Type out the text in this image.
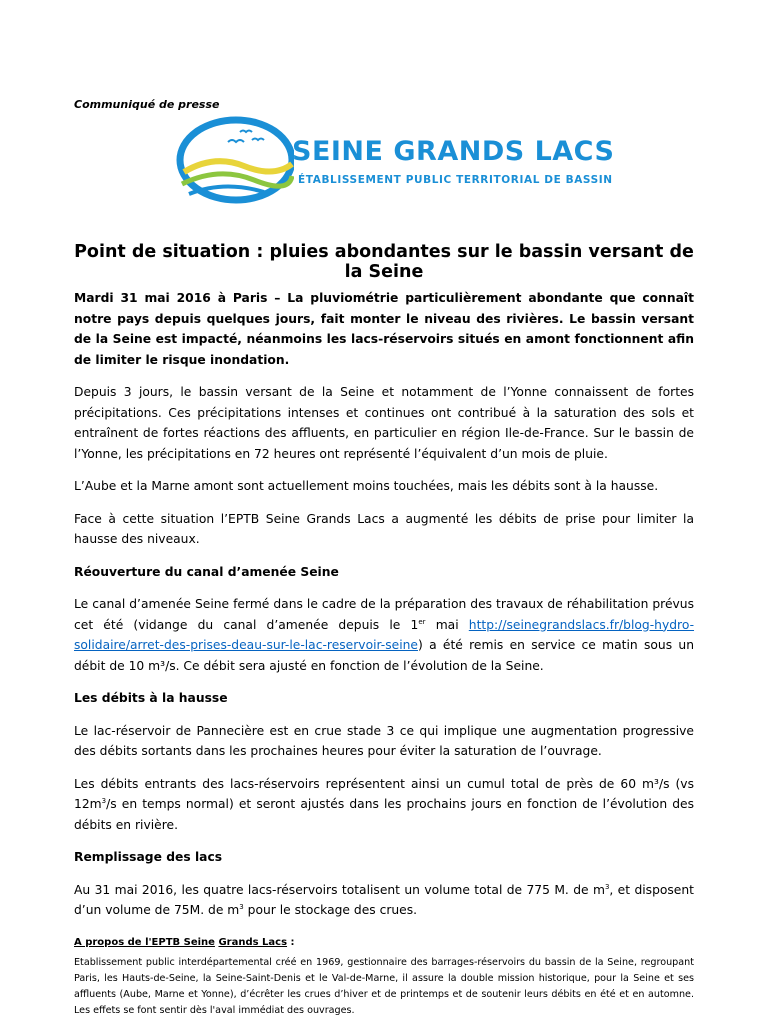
Communiqué de presse
SEINE GRANDS LACS
ÉTABLISSEMENT PUBLIC TERRITORIAL DE BASSIN
Point de situation : pluies abondantes sur le bassin versant de la Seine

Mardi 31 mai 2016 à Paris – La pluviométrie particulièrement abondante que connaît notre pays depuis quelques jours, fait monter le niveau des rivières. Le bassin versant de la Seine est impacté, néanmoins les lacs-réservoirs situés en amont fonctionnent afin de limiter le risque inondation.

Depuis 3 jours, le bassin versant de la Seine et notamment de l’Yonne connaissent de fortes précipitations. Ces précipitations intenses et continues ont contribué à la saturation des sols et entraînent de fortes réactions des affluents, en particulier en région Ile-de-France. Sur le bassin de l’Yonne, les précipitations en 72 heures ont représenté l’équivalent d’un mois de pluie.

L’Aube et la Marne amont sont actuellement moins touchées, mais les débits sont à la hausse.

Face à cette situation l’EPTB Seine Grands Lacs a augmenté les débits de prise pour limiter la hausse des niveaux.

Réouverture du canal d’amenée Seine

Le canal d’amenée Seine fermé dans le cadre de la préparation des travaux de réhabilitation prévus cet été (vidange du canal d’amenée depuis le 1er mai http://seinegrandslacs.fr/blog-hydro-solidaire/arret-des-prises-deau-sur-le-lac-reservoir-seine) a été remis en service ce matin sous un débit de 10 m³/s. Ce débit sera ajusté en fonction de l’évolution de la Seine.

Les débits à la hausse

Le lac-réservoir de Pannecière est en crue stade 3 ce qui implique une augmentation progressive des débits sortants dans les prochaines heures pour éviter la saturation de l’ouvrage.

Les débits entrants des lacs-réservoirs représentent ainsi un cumul total de près de 60 m³/s (vs $12m^3/s$ en temps normal) et seront ajustés dans les prochains jours en fonction de l’évolution des débits en rivière.

Remplissage des lacs

Au 31 mai 2016, les quatre lacs-réservoirs totalisent un volume total de 775 M. de $m^3$, et disposent d’un volume de 75M. de $m^3$ pour le stockage des crues.

A propos de l'EPTB Seine Grands Lacs :

Etablissement public interdépartemental créé en 1969, gestionnaire des barrages-réservoirs du bassin de la Seine, regroupant Paris, les Hauts-de-Seine, la Seine-Saint-Denis et le Val-de-Marne, il assure la double mission historique, pour la Seine et ses affluents (Aube, Marne et Yonne), d’écrêter les crues d’hiver et de printemps et de soutenir leurs débits en été et en automne. Les effets se font sentir dès l'aval immédiat des ouvrages.
